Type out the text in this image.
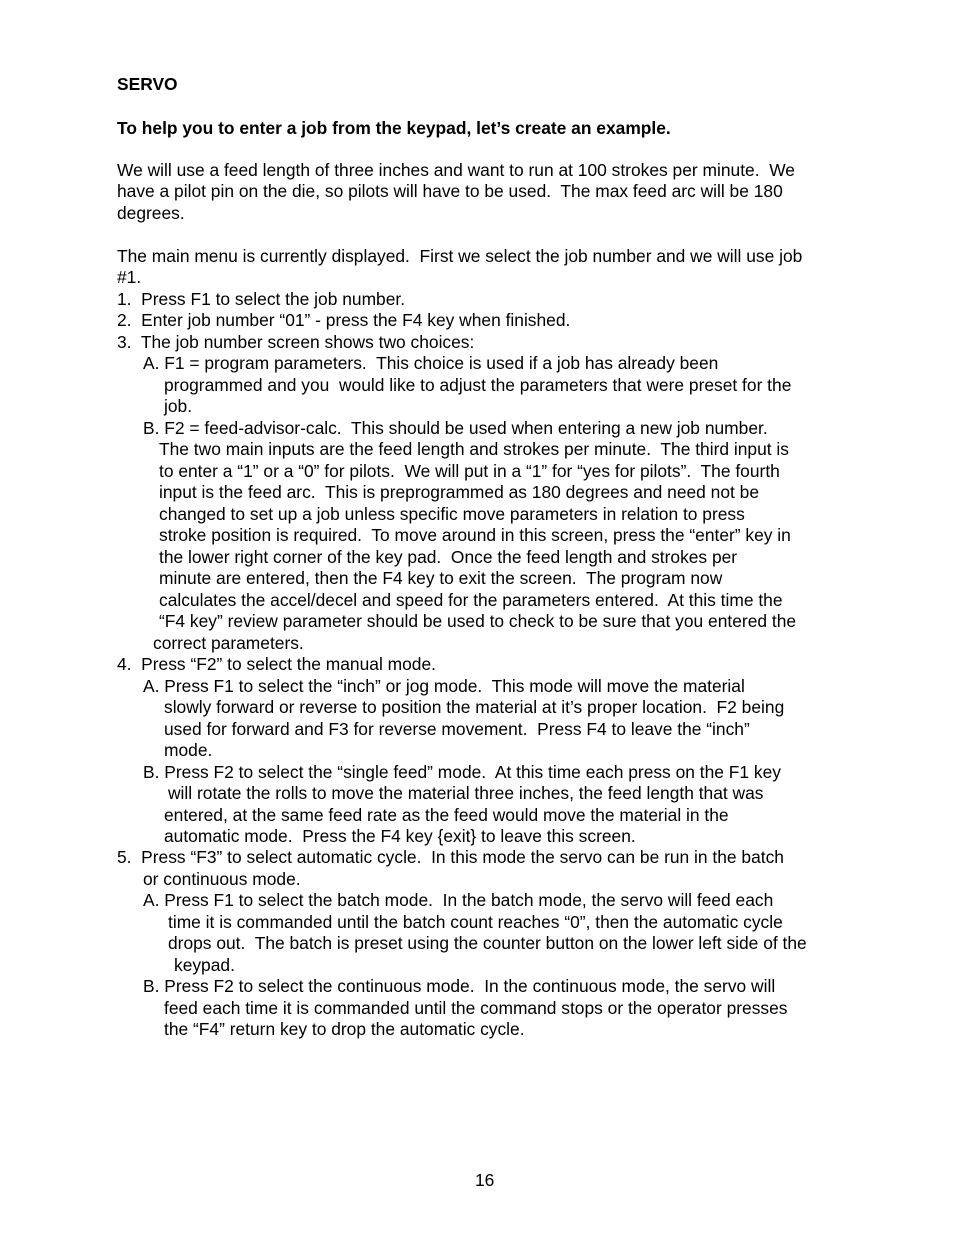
SERVO
To help you to enter a job from the keypad, let’s create an example.
We will use a feed length of three inches and want to run at 100 strokes per minute.  We
have a pilot pin on the die, so pilots will have to be used.  The max feed arc will be 180
degrees.
The main menu is currently displayed.  First we select the job number and we will use job
#1.
1.  Press F1 to select the job number.
2.  Enter job number “01” - press the F4 key when finished.
3.  The job number screen shows two choices:
A. F1 = program parameters.  This choice is used if a job has already been
programmed and you  would like to adjust the parameters that were preset for the
job.
B. F2 = feed-advisor-calc.  This should be used when entering a new job number.
The two main inputs are the feed length and strokes per minute.  The third input is
to enter a “1” or a “0” for pilots.  We will put in a “1” for “yes for pilots”.  The fourth
input is the feed arc.  This is preprogrammed as 180 degrees and need not be
changed to set up a job unless specific move parameters in relation to press
stroke position is required.  To move around in this screen, press the “enter” key in
the lower right corner of the key pad.  Once the feed length and strokes per
minute are entered, then the F4 key to exit the screen.  The program now
calculates the accel/decel and speed for the parameters entered.  At this time the
“F4 key” review parameter should be used to check to be sure that you entered the
correct parameters.
4.  Press “F2” to select the manual mode.
A. Press F1 to select the “inch” or jog mode.  This mode will move the material
slowly forward or reverse to position the material at it’s proper location.  F2 being
used for forward and F3 for reverse movement.  Press F4 to leave the “inch”
mode.
B. Press F2 to select the “single feed” mode.  At this time each press on the F1 key
will rotate the rolls to move the material three inches, the feed length that was
entered, at the same feed rate as the feed would move the material in the
automatic mode.  Press the F4 key {exit} to leave this screen.
5.  Press “F3” to select automatic cycle.  In this mode the servo can be run in the batch
or continuous mode.
A. Press F1 to select the batch mode.  In the batch mode, the servo will feed each
time it is commanded until the batch count reaches “0”, then the automatic cycle
drops out.  The batch is preset using the counter button on the lower left side of the
keypad.
B. Press F2 to select the continuous mode.  In the continuous mode, the servo will
feed each time it is commanded until the command stops or the operator presses
the “F4” return key to drop the automatic cycle.
16
